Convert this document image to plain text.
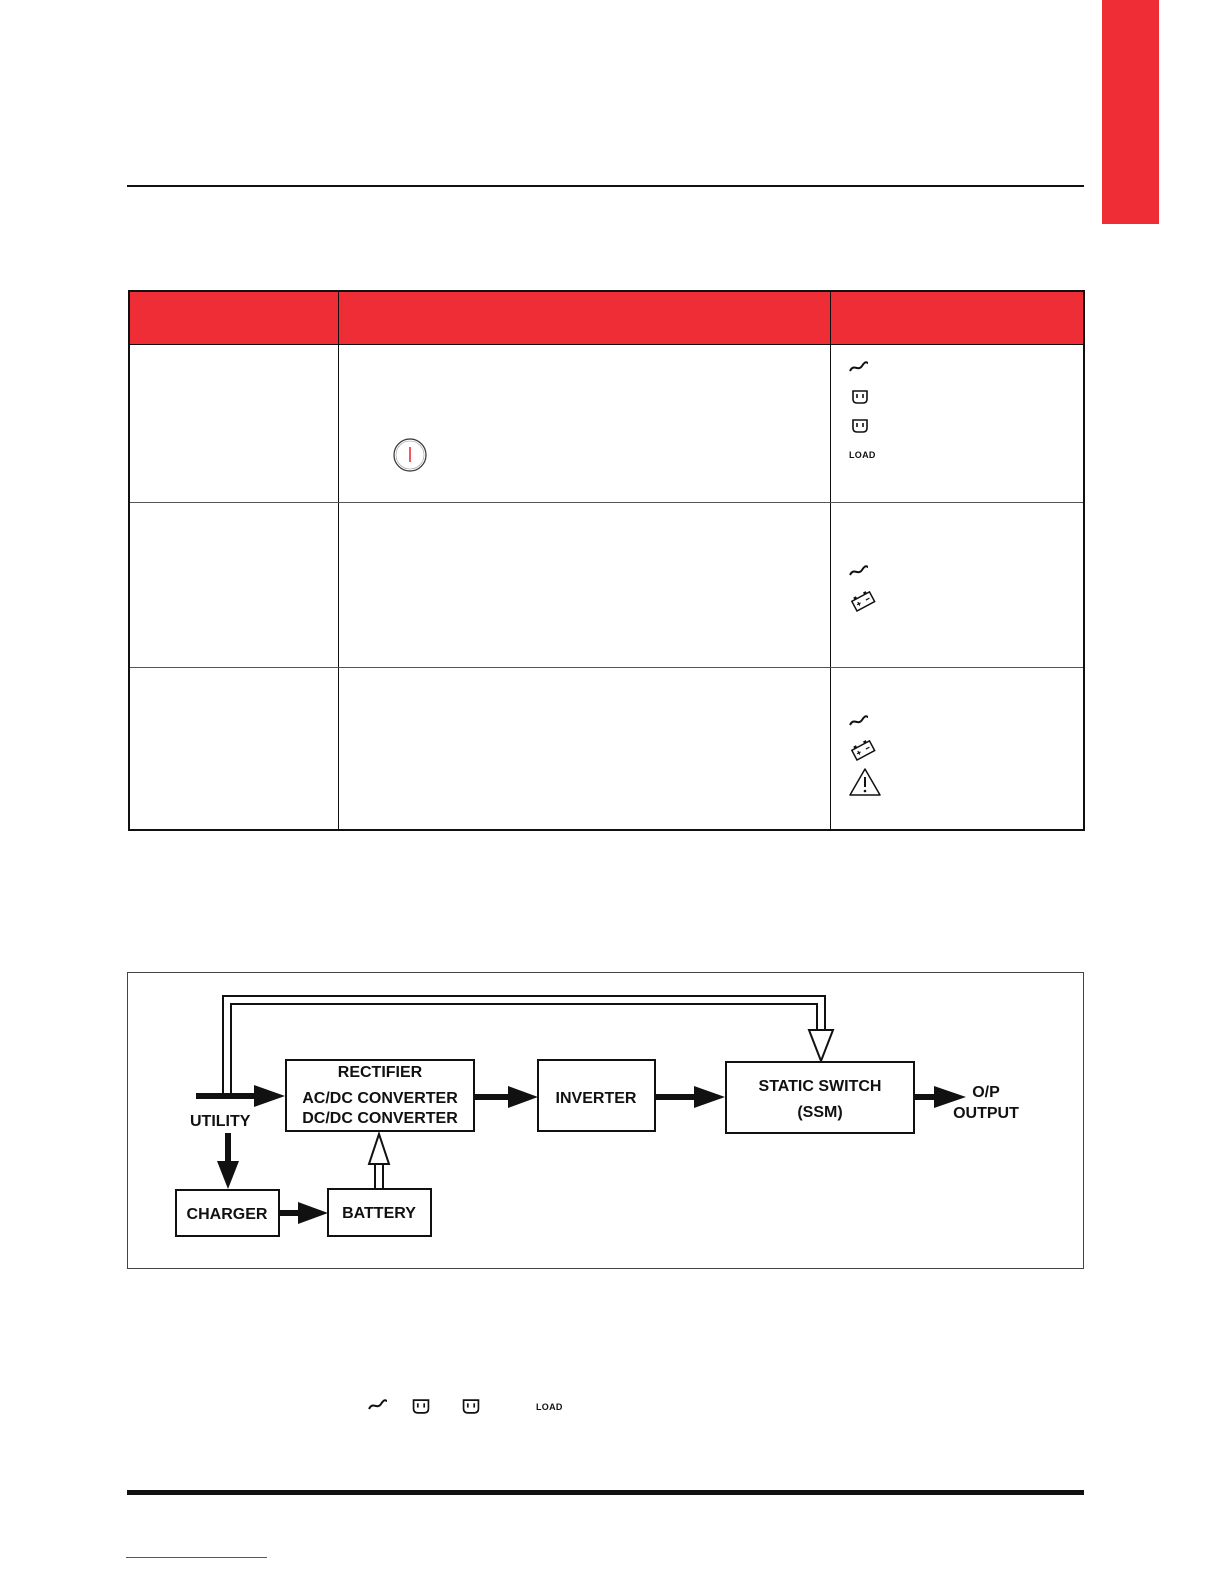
LOAD
UTILITY
RECTIFIER
AC/DC CONVERTER
DC/DC CONVERTER
INVERTER
STATIC SWITCH
(SSM)
O/P
OUTPUT
CHARGER	BATTERY
LOAD
